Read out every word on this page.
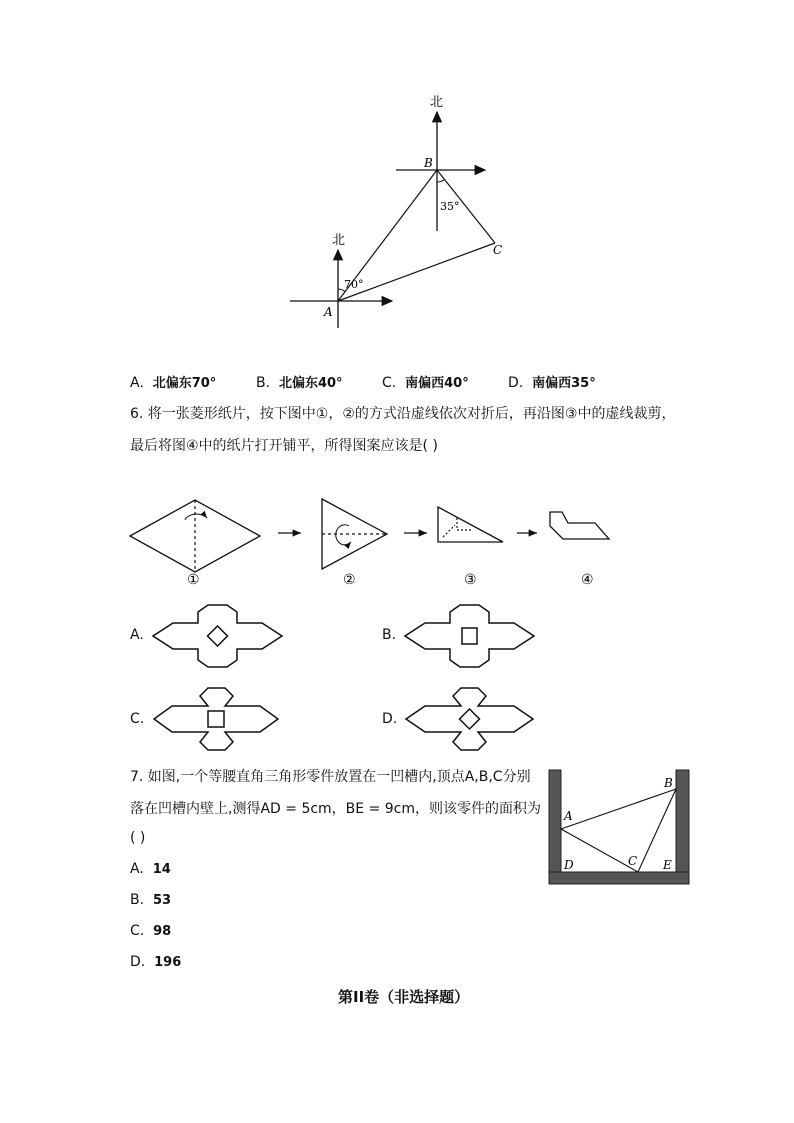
北
北
B
C
A
35°
70°
A. 北偏东70°	B. 北偏东40°	C. 南偏西40°	D. 南偏西35°
6. 将一张菱形纸片，按下图中①，②的方式沿虚线依次对折后，再沿图③中的虚线裁剪，
最后将图④中的纸片打开铺平，所得图案应该是( )
①	②	③	④
A.	B.
C.	D.
7. 如图,一个等腰直角三角形零件放置在一凹槽内,顶点A,B,C分别
落在凹槽内壁上,测得AD = 5cm，BE = 9cm，则该零件的面积为
( )
A. 14
B. 53
C. 98
D. 196
B
A
C
D	E
第II卷（非选择题）
